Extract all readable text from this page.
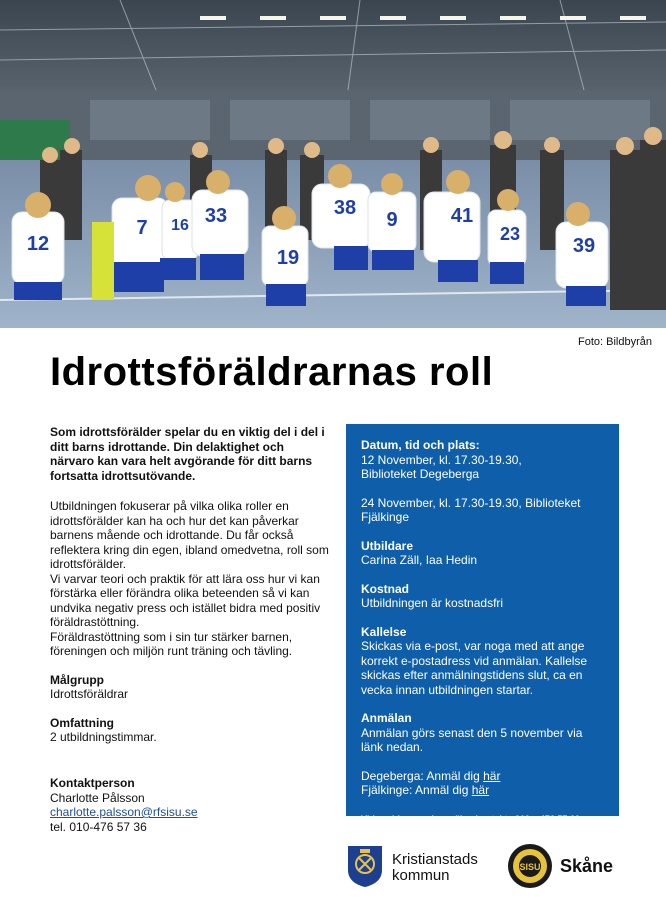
12
7 16 33
19
38
9	41
23
39
Foto: Bildbyrån
Idrottsföräldrarnas roll

Som idrottsförälder spelar du en viktig del i del i ditt barns idrottande. Din delaktighet och närvaro kan vara helt avgörande för ditt barns fortsatta idrottsutövande.

Utbildningen fokuserar på vilka olika roller en idrottsförälder kan ha och hur det kan påverkar barnens mående och idrottande. Du får också reflektera kring din egen, ibland omedvetna, roll som idrottsförälder.

Vi varvar teori och praktik för att lära oss hur vi kan förstärka eller förändra olika beteenden så vi kan undvika negativ press och istället bidra med positiv föräldrastöttning.

Föräldrastöttning som i sin tur stärker barnen, föreningen och miljön runt träning och tävling.

Målgrupp

Idrottsföräldrar

Omfattning

2 utbildningstimmar.

Kontaktperson

Charlotte Pålsson

charlotte.palsson@rfsisu.se

tel. 010-476 57 36

Datum, tid och plats:

12 November, kl. 17.30-19.30,

Biblioteket Degeberga

24 November, kl. 17.30-19.30, Biblioteket Fjälkinge

Utbildare

Carina Zäll, Iaa Hedin

Kostnad

Utbildningen är kostnadsfri

Kallelse

Skickas via e-post, var noga med att ange korrekt e-postadress vid anmälan. Kallelse skickas efter anmälningstidens slut, ca en vecka innan utbildningen startar.

Anmälan

Anmälan görs senast den 5 november via länk nedan.

Degeberga: Anmäl dig här

Fjälkinge: Anmäl dig här

Vid problem med anmälan kontakta 010 – 476 57 60.

Kristianstads
kommun	SISU Skåne
